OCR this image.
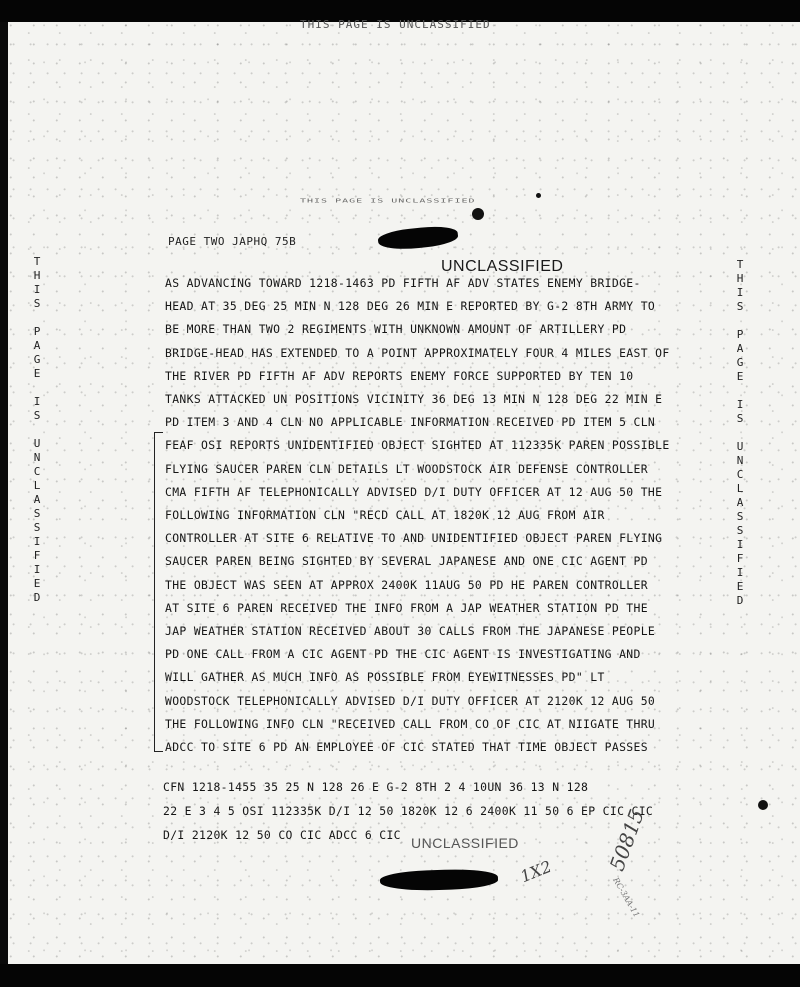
THIS PAGE IS UNCLASSIFIED
THIS PAGE IS UNCLASSIFIED
PAGE TWO JAPHQ 75B
UNCLASSIFIED
T
H
I
S

P
A
G
E

I
S

U
N
C
L
A
S
S
I
F
I
E
D
T
H
I
S

P
A
G
E

I
S

U
N
C
L
A
S
S
I
F
I
E
D
AS ADVANCING TOWARD 1218-1463 PD FIFTH AF ADV STATES ENEMY BRIDGE-
HEAD AT 35 DEG 25 MIN N 128 DEG 26 MIN E REPORTED BY G-2 8TH ARMY TO
BE MORE THAN TWO 2 REGIMENTS WITH UNKNOWN AMOUNT OF ARTILLERY PD
BRIDGE-HEAD HAS EXTENDED TO A POINT APPROXIMATELY FOUR 4 MILES EAST OF
THE RIVER PD FIFTH AF ADV REPORTS ENEMY FORCE SUPPORTED BY TEN 10
TANKS ATTACKED UN POSITIONS VICINITY 36 DEG 13 MIN N 128 DEG 22 MIN E
PD ITEM 3 AND 4 CLN NO APPLICABLE INFORMATION RECEIVED PD ITEM 5 CLN
FEAF OSI REPORTS UNIDENTIFIED OBJECT SIGHTED AT 112335K PAREN POSSIBLE
FLYING SAUCER PAREN CLN DETAILS LT WOODSTOCK AIR DEFENSE CONTROLLER
CMA FIFTH AF TELEPHONICALLY ADVISED D/I DUTY OFFICER AT 12 AUG 50 THE
FOLLOWING INFORMATION CLN "RECD CALL AT 1820K 12 AUG FROM AIR
CONTROLLER AT SITE 6 RELATIVE TO AND UNIDENTIFIED OBJECT PAREN FLYING
SAUCER PAREN BEING SIGHTED BY SEVERAL JAPANESE AND ONE CIC AGENT PD
THE OBJECT WAS SEEN AT APPROX 2400K 11AUG 50 PD HE PAREN CONTROLLER
AT SITE 6 PAREN RECEIVED THE INFO FROM A JAP WEATHER STATION PD THE
JAP WEATHER STATION RECEIVED ABOUT 30 CALLS FROM THE JAPANESE PEOPLE
PD ONE CALL FROM A CIC AGENT PD THE CIC AGENT IS INVESTIGATING AND
WILL GATHER AS MUCH INFO AS POSSIBLE FROM EYEWITNESSES PD" LT
WOODSTOCK TELEPHONICALLY ADVISED D/I DUTY OFFICER AT 2120K 12 AUG 50
THE FOLLOWING INFO CLN "RECEIVED CALL FROM CO OF CIC AT NIIGATE THRU
ADCC TO SITE 6 PD AN EMPLOYEE OF CIC STATED THAT TIME OBJECT PASSES
CFN 1218-1455 35 25 N 128 26 E G-2 8TH 2 4 10UN 36 13 N 128
22 E 3 4 5 OSI 112335K D/I 12 50 1820K 12 6 2400K 11 50 6 EP CIC CIC
D/I 2120K 12 50 CO CIC ADCC 6 CIC UNCLASSIFIED
1X2	50815
RC-3AA-11
